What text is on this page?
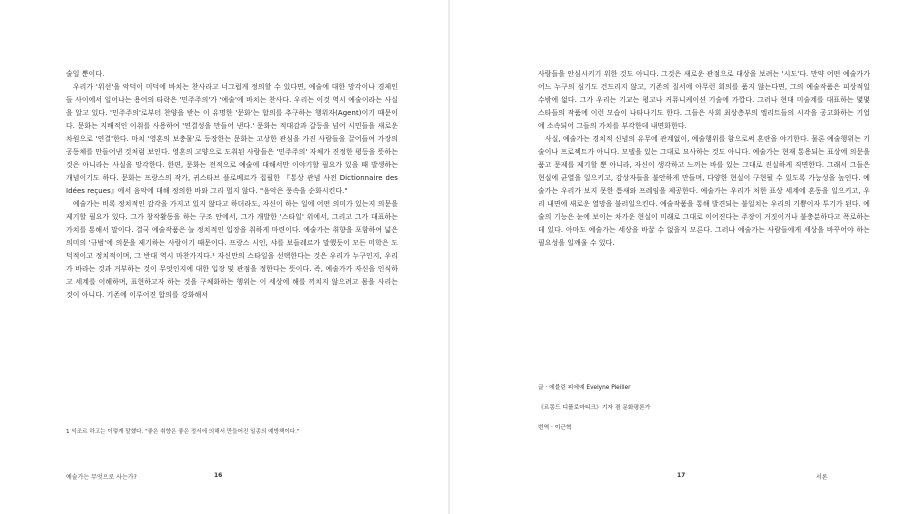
술일 뿐이다.

우리가 '위선'을 악덕이 미덕에 바치는 찬사라고 너그럽게 정의할 수 있다면, 예술에 대한 망각이나 경제인들 사이에서 일어나는 용어의 타락은 '민주주의'가 '예술'에 바치는 찬사다. 우리는 이것 역시 예술이라는 사실을 알고 있다. '민주주의'로부터 찬양을 받는 이 유명한 '문화'는 합의를 추구하는 행위자(Agent)이기 때문이다. 문화는 지배적인 이취를 사용하여 '연결성을 만들어 낸다.' 문화는 적대감과 갈등을 넘어 시민들을 새로운 차원으로 '연결'한다. 마치 '영혼의 보충물'로 등장한는 문화는 고상한 관심을 가진 사람들을 끌어들여 가장의 공동체를 만들어낸 것처럼 보인다. 영혼의 고양으로 도취된 사람들은 '민주주의' 자체가 진정한 평등을 뜻하는 것은 아니라는 사실을 망각한다. 한편, 문화는 전적으로 예술에 대해서만 이야기할 필요가 있을 때 발생하는 개념이기도 하다. 문화는 프랑스의 작가, 귀스타브 플로베르가 집필한 『통상 관념 사전 Dictionnaire des Idées reçues』에서 음악에 대해 정의한 바와 그리 멀지 않다. "음악은 풍속을 순화시킨다."

예술가는 비록 정치적인 감각을 가지고 있지 않다고 하더라도, 자신이 하는 일에 어떤 의미가 있는지 의문을 제기할 필요가 있다. 그가 창작활동을 하는 구조 안에서, 그가 개발한 '스타일' 위에서, 그리고 그가 대표하는 가치를 통해서 말이다. 결국 예술작품은 늘 정치적인 입장을 취하게 마련이다. 예술가는 취향을 포함하여 넓은 의미의 '규범'에 의문을 제기하는 사람이기 때문이다. 프랑스 시인, 샤를 보들레르가 말했듯이 모든 미학은 도덕적이고 정치적이며, 그 반대 역시 마찬가지다.¹ 자신만의 스타일을 선택한다는 것은 우리가 누구인지, 우리가 바라는 것과 거부하는 것이 무엇인지에 대한 입장 및 관점을 정한다는 뜻이다. 즉, 예술가가 자신을 인식하고 세계를 이해하며, 표현하고자 하는 것을 구체화하는 행위는 이 세상에 해를 끼치지 않으려고 몸을 사리는 것이 아니다. 기존에 이루어진 합의를 강화해서

1 익조르 하고는 이렇게 말했다. "좋은 취향은 좋은 정서에 의해서 만들어진 일종의 예방책이다."
예술가는 무엇으로 사는가?	16

사람들을 안심시키기 위한 것도 아니다. 그것은 새로운 관점으로 대상을 보려는 '시도'다. 만약 어떤 예술가가 어느 누구의 심기도 건드리지 않고, 기존의 질서에 아무런 회의를 품지 않는다면, 그의 예술작품은 피상적일 수밖에 없다. 그가 우리는 기교는 평고나 커뮤니케이션 기술에 가깝다. 그러나 현대 미술계를 대표하는 몇몇 스타들의 작품에 이런 모습이 나타나기도 한다. 그들은 사회 최상층부의 엘리트들의 시각을 공고화하는 기업에 소속되어 그들의 가치를 부각한데 내면화한다.

사실, 예술가는 경치적 신념의 유무에 관계없이, 예술행위를 함으로써 혼란을 야기한다. 물론 예술행위는 기술이나 프로젝트가 아니다. 모델을 있는 그대로 묘사하는 것도 아니다. 예술가는 현재 통용되는 표상에 의문을 품고 문제를 제기할 뿐 아니라, 자신이 생각하고 느끼는 바를 있는 그대로 진실하게 직면한다. 그래서 그들은 현실에 균열을 일으키고, 감상자들을 불안하게 만들며, 다양한 현실이 구현될 수 있도록 가능성을 높인다. 예술가는 우리가 보지 못한 틈새와 프레임을 제공한다. 예술가는 우리가 처한 표상 세계에 혼동을 일으키고, 우리 내면에 새로운 열망을 불러일으킨다. 예술작품을 통해 발견되는 불일치는 우리의 기쁨이자 투기가 된다. 예술의 기능은 눈에 보이는 차가운 현실이 미래로 그대로 이어진다는 주장이 거짓이거나 불충분하다고 폭로하는 데 있다. 아마도 예술가는 세상을 바꿀 수 없을지 모른다. 그러나 예술가는 사람들에게 세상을 바꾸어야 하는 필요성을 일깨울 수 있다.

글 · 에블린 피에예 Evelyne Pieiller
《르몽드 디플로마티크》기자 겸 문화평론가
번역 · 이근혁
17	서론
